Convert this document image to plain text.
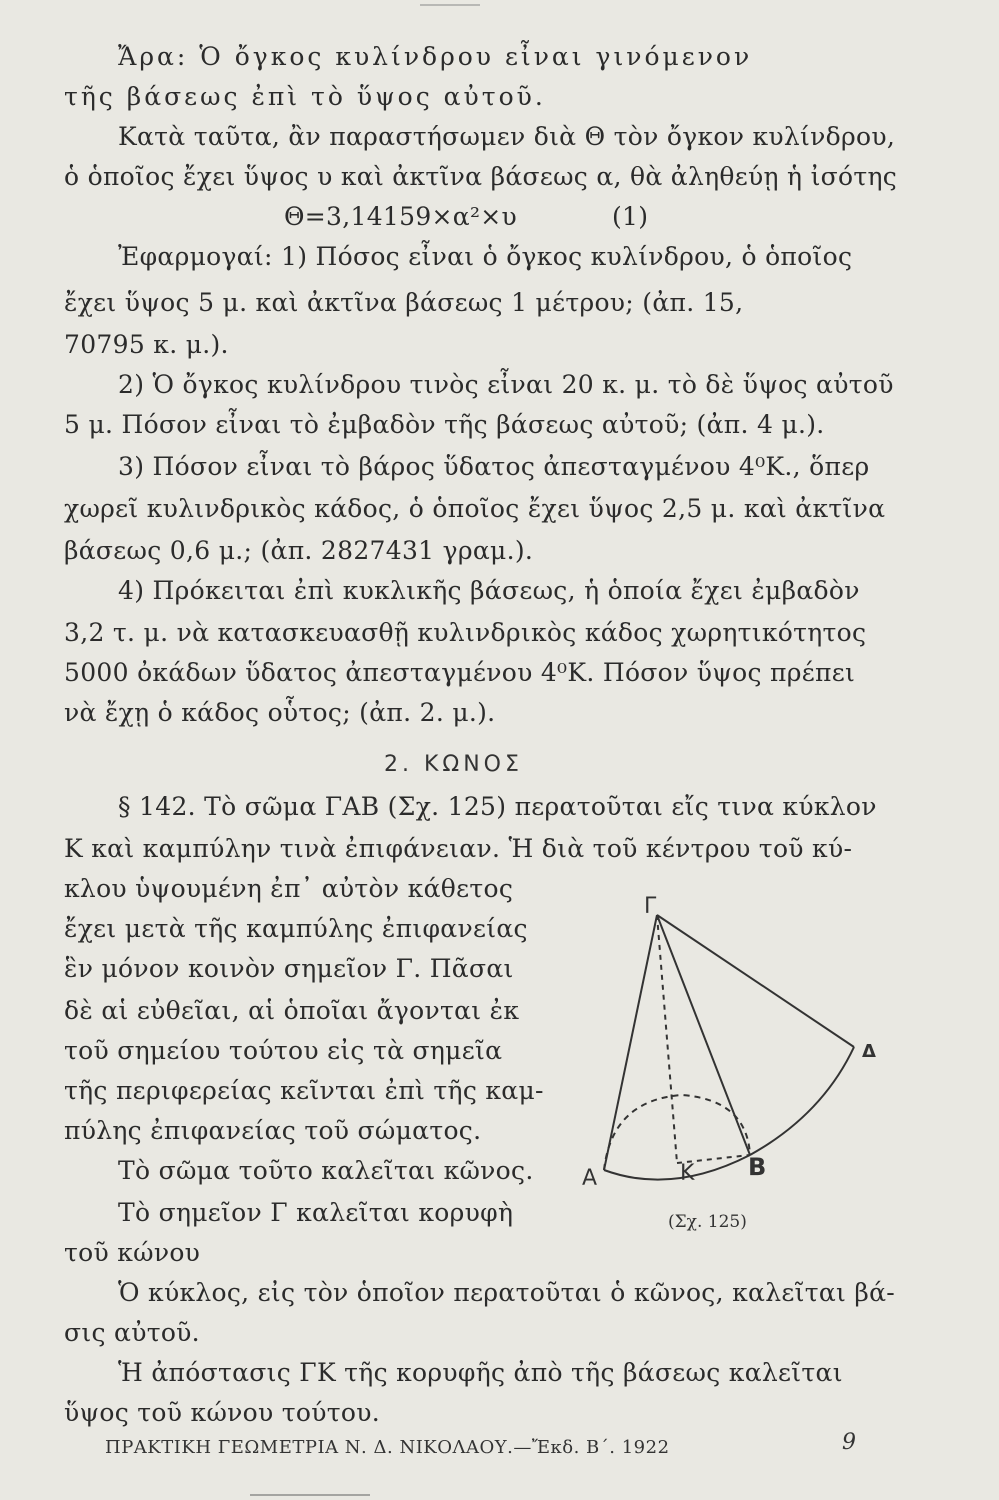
Ἄρα: Ὁ ὄγκος κυλίνδρου εἶναι γινόμενον

τῆς βάσεως ἐπὶ τὸ ὕψος αὐτοῦ.

Κατὰ ταῦτα, ἂν παραστήσωμεν διὰ Θ τὸν ὄγκον κυλίνδρου,

ὁ ὁποῖος ἔχει ὕψος υ καὶ ἀκτῖνα βάσεως α, θὰ ἀληθεύῃ ἡ ἰσότης

Θ=3,14159×α²×υ	(1)

Ἐφαρμογαί: 1) Πόσος εἶναι ὁ ὄγκος κυλίνδρου, ὁ ὁποῖος

ἔχει ὕψος 5 μ. καὶ ἀκτῖνα βάσεως 1 μέτρου; (ἀπ. 15,

70795 κ. μ.).

2) Ὁ ὄγκος κυλίνδρου τινὸς εἶναι 20 κ. μ. τὸ δὲ ὕψος αὐτοῦ

5 μ. Πόσον εἶναι τὸ ἐμβαδὸν τῆς βάσεως αὐτοῦ; (ἀπ. 4 μ.).

3) Πόσον εἶναι τὸ βάρος ὕδατος ἀπεσταγμένου 4⁰Κ., ὅπερ

χωρεῖ κυλινδρικὸς κάδος, ὁ ὁποῖος ἔχει ὕψος 2,5 μ. καὶ ἀκτῖνα

βάσεως 0,6 μ.; (ἀπ. 2827431 γραμ.).

4) Πρόκειται ἐπὶ κυκλικῆς βάσεως, ἡ ὁποία ἔχει ἐμβαδὸν

3,2 τ. μ. νὰ κατασκευασθῇ κυλινδρικὸς κάδος χωρητικότητος

5000 ὀκάδων ὕδατος ἀπεσταγμένου 4⁰Κ. Πόσον ὕψος πρέπει

νὰ ἔχῃ ὁ κάδος οὗτος; (ἀπ. 2. μ.).

2. ΚΩΝΟΣ

§ 142. Τὸ σῶμα ΓΑΒ (Σχ. 125) περατοῦται εἴς τινα κύκλον

Κ καὶ καμπύλην τινὰ ἐπιφάνειαν. Ἡ διὰ τοῦ κέντρου τοῦ κύ-

κλου ὑψουμένη ἐπ᾽ αὐτὸν κάθετος

ἔχει μετὰ τῆς καμπύλης ἐπιφανείας

ἓν μόνον κοινὸν σημεῖον Γ. Πᾶσαι

δὲ αἱ εὐθεῖαι, αἱ ὁποῖαι ἄγονται ἐκ

τοῦ σημείου τούτου εἰς τὰ σημεῖα

τῆς περιφερείας κεῖνται ἐπὶ τῆς καμ-

πύλης ἐπιφανείας τοῦ σώματος.

Τὸ σῶμα τοῦτο καλεῖται κῶνος.

Τὸ σημεῖον Γ καλεῖται κορυφὴ

τοῦ κώνου

Ὁ κύκλος, εἰς τὸν ὁποῖον περατοῦται ὁ κῶνος, καλεῖται βά-

σις αὐτοῦ.

Ἡ ἀπόστασις ΓΚ τῆς κορυφῆς ἀπὸ τῆς βάσεως καλεῖται

ὕψος τοῦ κώνου τούτου.

Γ
Α	Β
Κ
Δ
(Σχ. 125)

ΠΡΑΚΤΙΚΗ ΓΕΩΜΕΤΡΙΑ Ν. Δ. ΝΙΚΟΛΑΟΥ.—Ἔκδ. Β΄. 1922	9
